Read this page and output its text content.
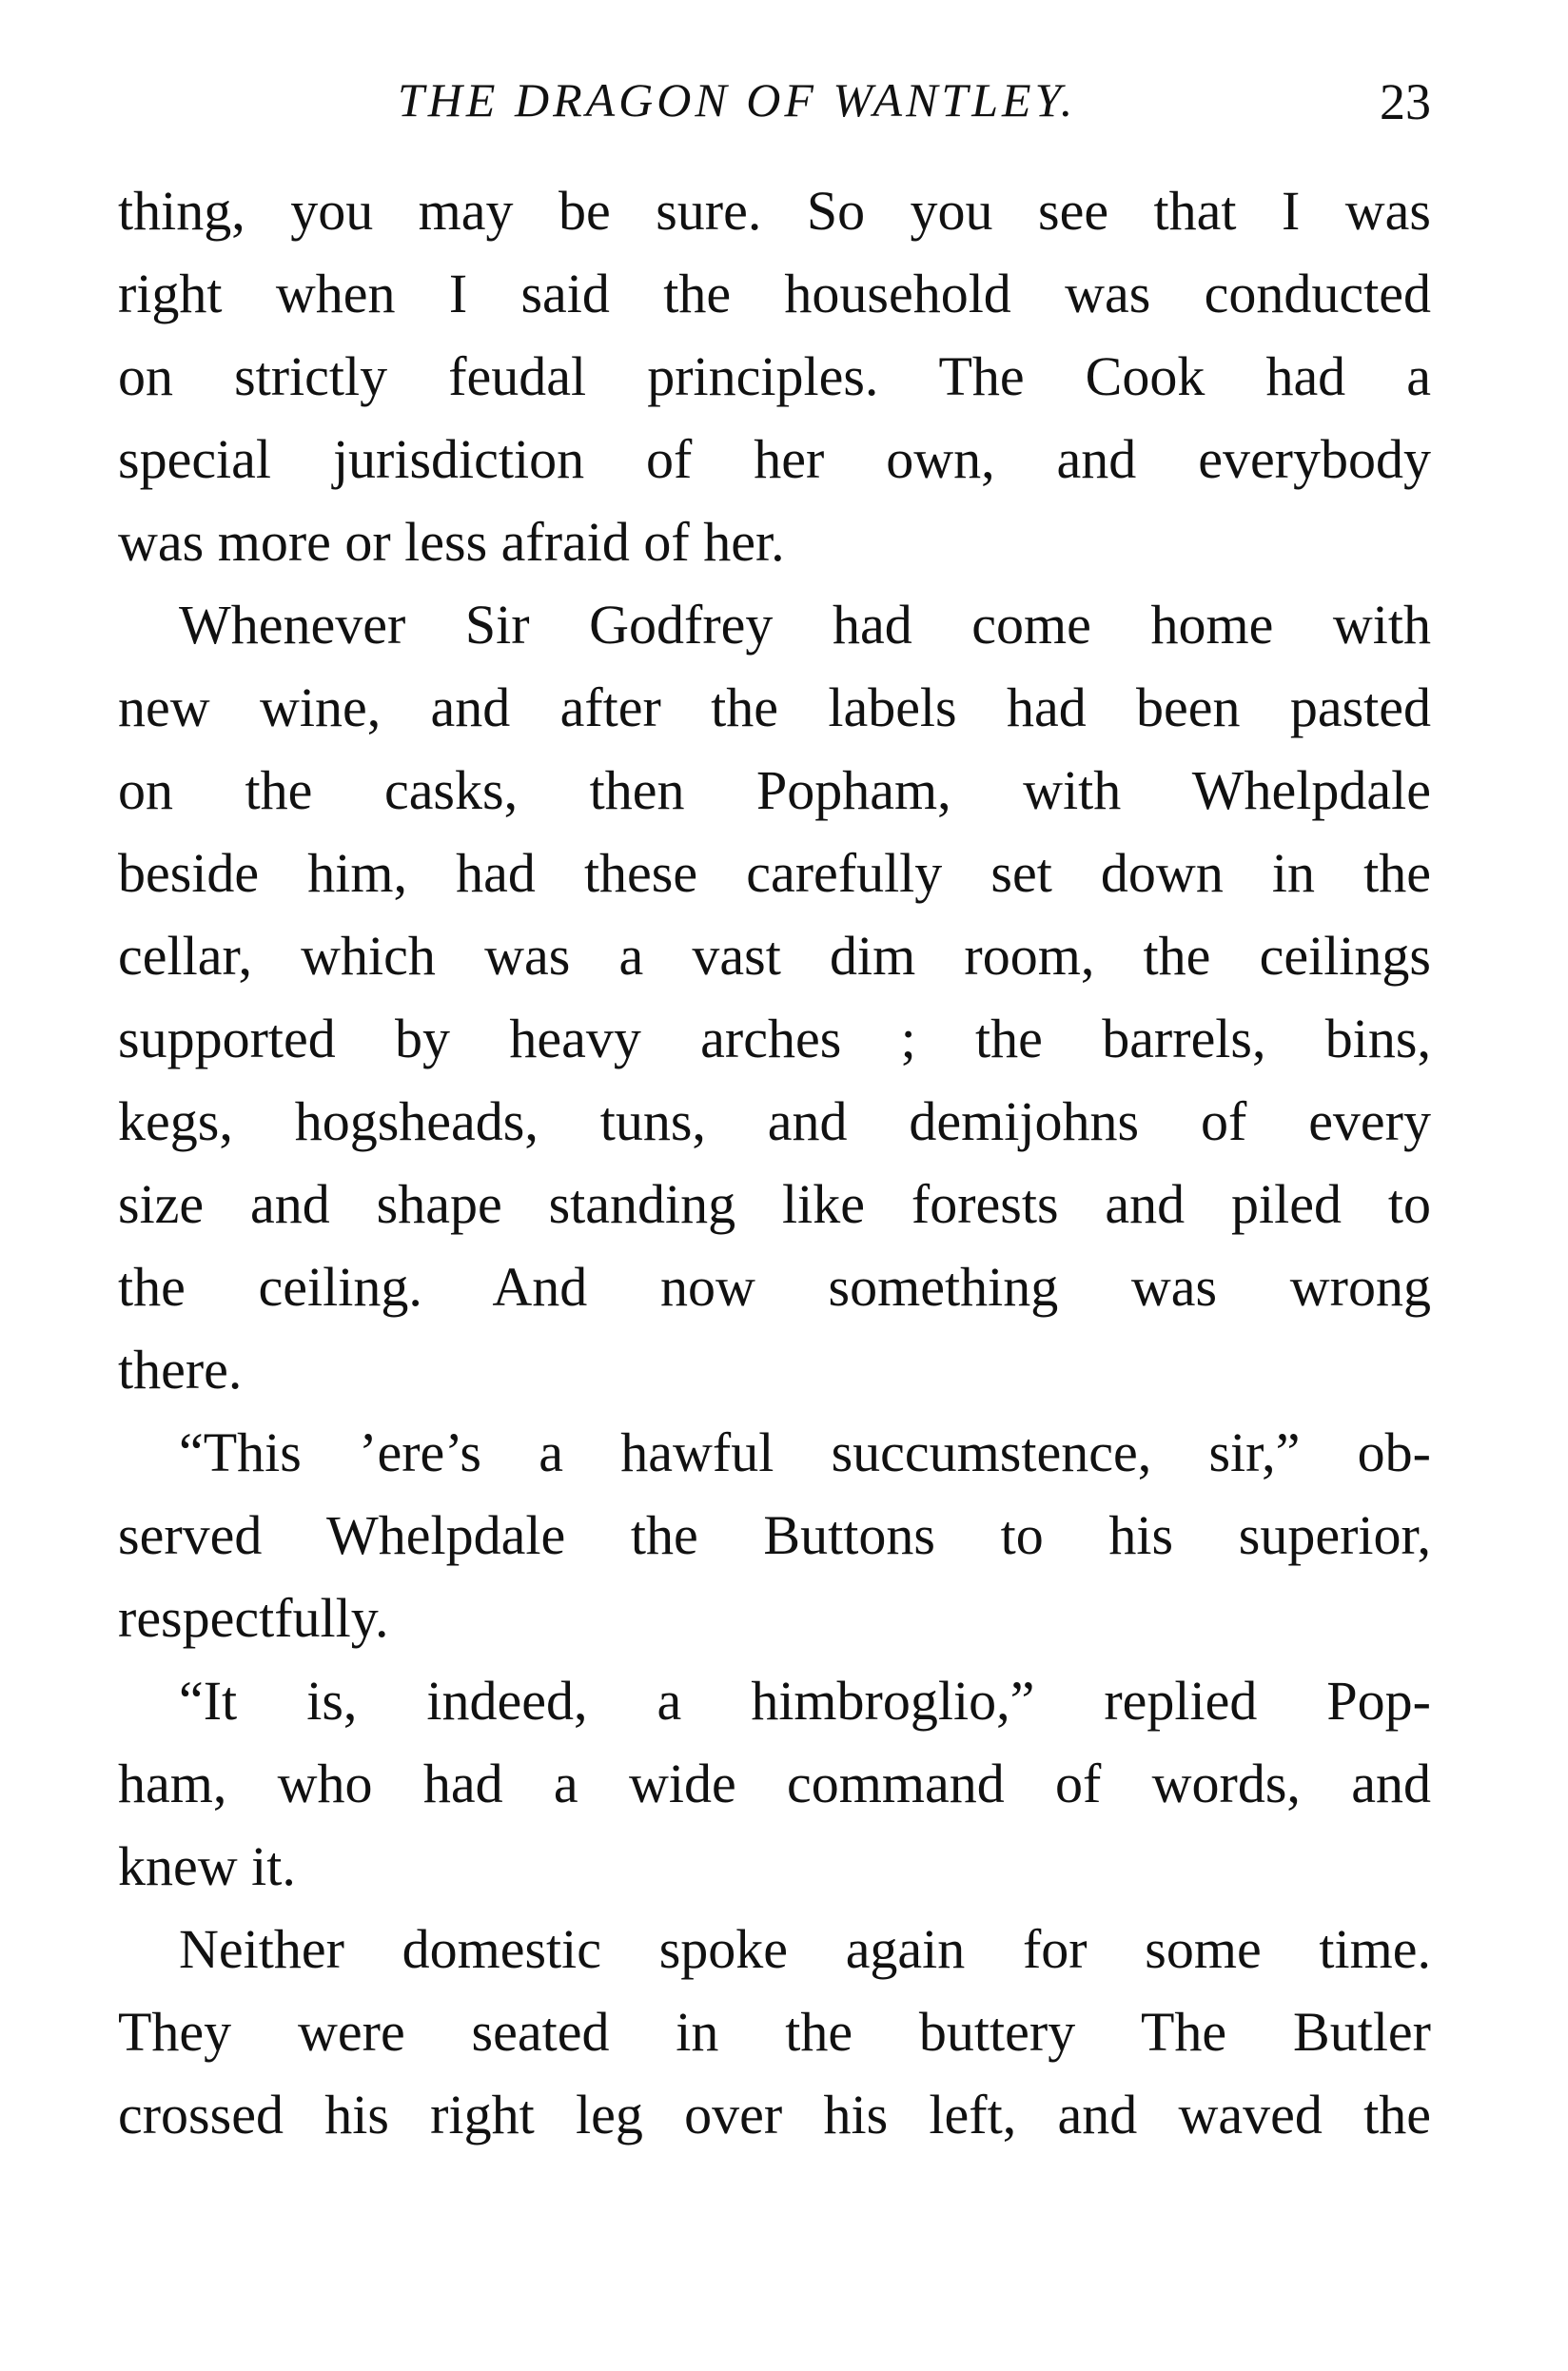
THE DRAGON OF WANTLEY.	23
thing, you may be sure. So you see that I was
right when I said the household was conducted
on strictly feudal principles. The Cook had a
special jurisdiction of her own, and everybody
was more or less afraid of her.
Whenever Sir Godfrey had come home with
new wine, and after the labels had been pasted
on the casks, then Popham, with Whelpdale
beside him, had these carefully set down in the
cellar, which was a vast dim room, the ceilings
supported by heavy arches ; the barrels, bins,
kegs, hogsheads, tuns, and demijohns of every
size and shape standing like forests and piled to
the ceiling. And now something was wrong
there.
“This ’ere’s a hawful succumstence, sir,” ob-
served Whelpdale the Buttons to his superior,
respectfully.
“It is, indeed, a himbroglio,” replied Pop-
ham, who had a wide command of words, and
knew it.
Neither domestic spoke again for some time.
They were seated in the buttery The Butler
crossed his right leg over his left, and waved the
